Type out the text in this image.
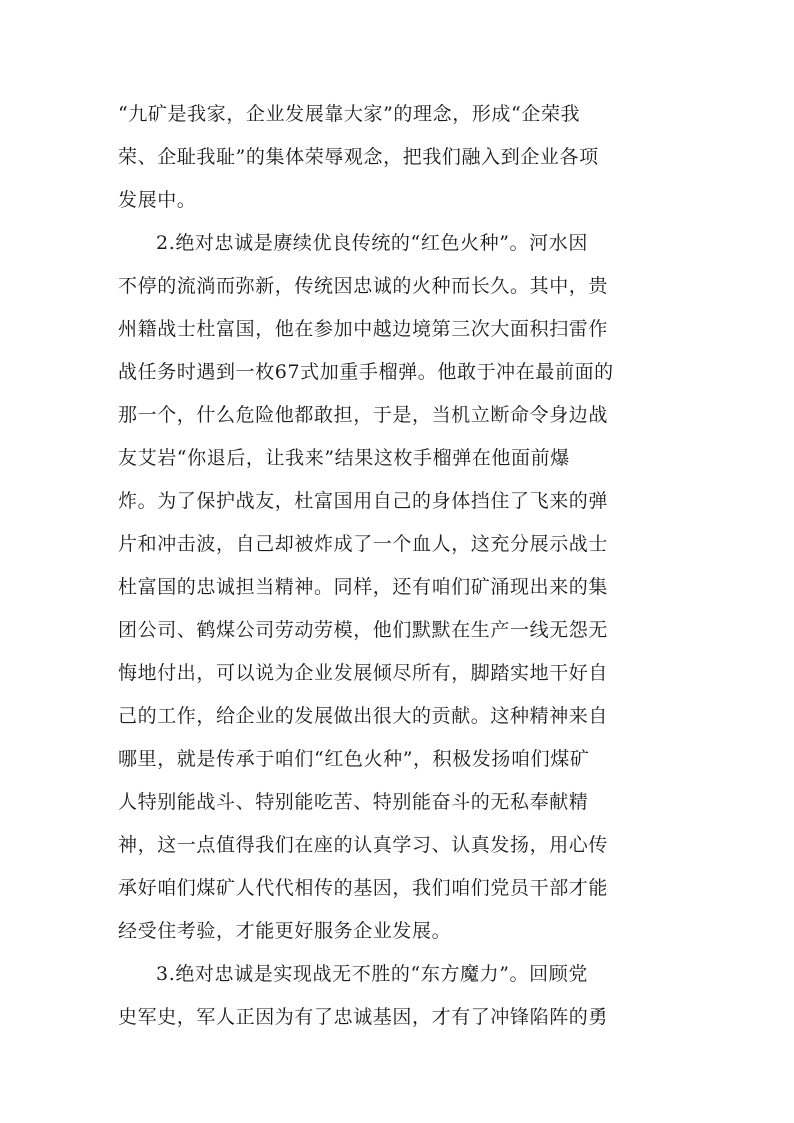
“九矿是我家，企业发展靠大家”的理念，形成“企荣我
荣、企耻我耻”的集体荣辱观念，把我们融入到企业各项
发展中。
2.绝对忠诚是赓续优良传统的“红色火种”。河水因
不停的流淌而弥新，传统因忠诚的火种而长久。其中，贵
州籍战士杜富国，他在参加中越边境第三次大面积扫雷作
战任务时遇到一枚67式加重手榴弹。他敢于冲在最前面的
那一个，什么危险他都敢担，于是，当机立断命令身边战
友艾岩“你退后，让我来”结果这枚手榴弹在他面前爆
炸。为了保护战友，杜富国用自己的身体挡住了飞来的弹
片和冲击波，自己却被炸成了一个血人，这充分展示战士
杜富国的忠诚担当精神。同样，还有咱们矿涌现出来的集
团公司、鹤煤公司劳动劳模，他们默默在生产一线无怨无
悔地付出，可以说为企业发展倾尽所有，脚踏实地干好自
己的工作，给企业的发展做出很大的贡献。这种精神来自
哪里，就是传承于咱们“红色火种”，积极发扬咱们煤矿
人特别能战斗、特别能吃苦、特别能奋斗的无私奉献精
神，这一点值得我们在座的认真学习、认真发扬，用心传
承好咱们煤矿人代代相传的基因，我们咱们党员干部才能
经受住考验，才能更好服务企业发展。
3.绝对忠诚是实现战无不胜的“东方魔力”。回顾党
史军史，军人正因为有了忠诚基因，才有了冲锋陷阵的勇
